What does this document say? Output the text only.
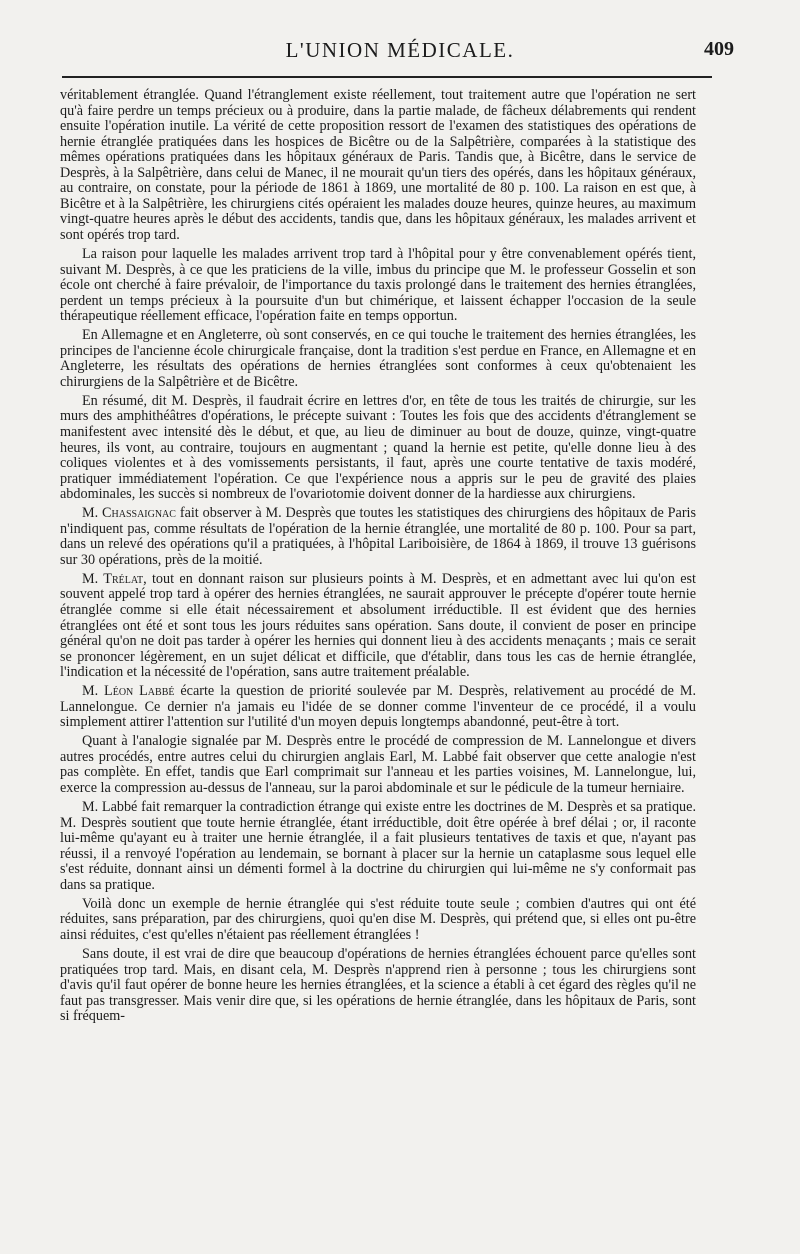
L'UNION MÉDICALE.	409

véritablement étranglée. Quand l'étranglement existe réellement, tout traitement autre que l'opération ne sert qu'à faire perdre un temps précieux ou à produire, dans la partie malade, de fâcheux délabrements qui rendent ensuite l'opération inutile. La vérité de cette proposition ressort de l'examen des statistiques des opérations de hernie étranglée pratiquées dans les hospices de Bicêtre ou de la Salpêtrière, comparées à la statistique des mêmes opérations pratiquées dans les hôpitaux généraux de Paris. Tandis que, à Bicêtre, dans le service de Desprès, à la Salpêtrière, dans celui de Manec, il ne mourait qu'un tiers des opérés, dans les hôpitaux généraux, au contraire, on constate, pour la période de 1861 à 1869, une mortalité de 80 p. 100. La raison en est que, à Bicêtre et à la Salpêtrière, les chirurgiens cités opéraient les malades douze heures, quinze heures, au maximum vingt-quatre heures après le début des accidents, tandis que, dans les hôpitaux généraux, les malades arrivent et sont opérés trop tard.

La raison pour laquelle les malades arrivent trop tard à l'hôpital pour y être convenablement opérés tient, suivant M. Desprès, à ce que les praticiens de la ville, imbus du principe que M. le professeur Gosselin et son école ont cherché à faire prévaloir, de l'importance du taxis prolongé dans le traitement des hernies étranglées, perdent un temps précieux à la poursuite d'un but chimérique, et laissent échapper l'occasion de la seule thérapeutique réellement efficace, l'opération faite en temps opportun.

En Allemagne et en Angleterre, où sont conservés, en ce qui touche le traitement des hernies étranglées, les principes de l'ancienne école chirurgicale française, dont la tradition s'est perdue en France, en Allemagne et en Angleterre, les résultats des opérations de hernies étranglées sont conformes à ceux qu'obtenaient les chirurgiens de la Salpêtrière et de Bicêtre.

En résumé, dit M. Desprès, il faudrait écrire en lettres d'or, en tête de tous les traités de chirurgie, sur les murs des amphithéâtres d'opérations, le précepte suivant : Toutes les fois que des accidents d'étranglement se manifestent avec intensité dès le début, et que, au lieu de diminuer au bout de douze, quinze, vingt-quatre heures, ils vont, au contraire, toujours en augmentant ; quand la hernie est petite, qu'elle donne lieu à des coliques violentes et à des vomissements persistants, il faut, après une courte tentative de taxis modéré, pratiquer immédiatement l'opération. Ce que l'expérience nous a appris sur le peu de gravité des plaies abdominales, les succès si nombreux de l'ovariotomie doivent donner de la hardiesse aux chirurgiens.

M. Chassaignac fait observer à M. Desprès que toutes les statistiques des chirurgiens des hôpitaux de Paris n'indiquent pas, comme résultats de l'opération de la hernie étranglée, une mortalité de 80 p. 100. Pour sa part, dans un relevé des opérations qu'il a pratiquées, à l'hôpital Lariboisière, de 1864 à 1869, il trouve 13 guérisons sur 30 opérations, près de la moitié.

M. Trélat, tout en donnant raison sur plusieurs points à M. Desprès, et en admettant avec lui qu'on est souvent appelé trop tard à opérer des hernies étranglées, ne saurait approuver le précepte d'opérer toute hernie étranglée comme si elle était nécessairement et absolument irréductible. Il est évident que des hernies étranglées ont été et sont tous les jours réduites sans opération. Sans doute, il convient de poser en principe général qu'on ne doit pas tarder à opérer les hernies qui donnent lieu à des accidents menaçants ; mais ce serait se prononcer légèrement, en un sujet délicat et difficile, que d'établir, dans tous les cas de hernie étranglée, l'indication et la nécessité de l'opération, sans autre traitement préalable.

M. Léon Labbé écarte la question de priorité soulevée par M. Desprès, relativement au procédé de M. Lannelongue. Ce dernier n'a jamais eu l'idée de se donner comme l'inventeur de ce procédé, il a voulu simplement attirer l'attention sur l'utilité d'un moyen depuis longtemps abandonné, peut-être à tort.

Quant à l'analogie signalée par M. Desprès entre le procédé de compression de M. Lannelongue et divers autres procédés, entre autres celui du chirurgien anglais Earl, M. Labbé fait observer que cette analogie n'est pas complète. En effet, tandis que Earl comprimait sur l'anneau et les parties voisines, M. Lannelongue, lui, exerce la compression au-dessus de l'anneau, sur la paroi abdominale et sur le pédicule de la tumeur herniaire.

M. Labbé fait remarquer la contradiction étrange qui existe entre les doctrines de M. Desprès et sa pratique. M. Desprès soutient que toute hernie étranglée, étant irréductible, doit être opérée à bref délai ; or, il raconte lui-même qu'ayant eu à traiter une hernie étranglée, il a fait plusieurs tentatives de taxis et que, n'ayant pas réussi, il a renvoyé l'opération au lendemain, se bornant à placer sur la hernie un cataplasme sous lequel elle s'est réduite, donnant ainsi un démenti formel à la doctrine du chirurgien qui lui-même ne s'y conformait pas dans sa pratique.

Voilà donc un exemple de hernie étranglée qui s'est réduite toute seule ; combien d'autres qui ont été réduites, sans préparation, par des chirurgiens, quoi qu'en dise M. Desprès, qui prétend que, si elles ont pu-être ainsi réduites, c'est qu'elles n'étaient pas réellement étranglées !

Sans doute, il est vrai de dire que beaucoup d'opérations de hernies étranglées échouent parce qu'elles sont pratiquées trop tard. Mais, en disant cela, M. Desprès n'apprend rien à personne ; tous les chirurgiens sont d'avis qu'il faut opérer de bonne heure les hernies étranglées, et la science a établi à cet égard des règles qu'il ne faut pas transgresser. Mais venir dire que, si les opérations de hernie étranglée, dans les hôpitaux de Paris, sont si fréquem-
